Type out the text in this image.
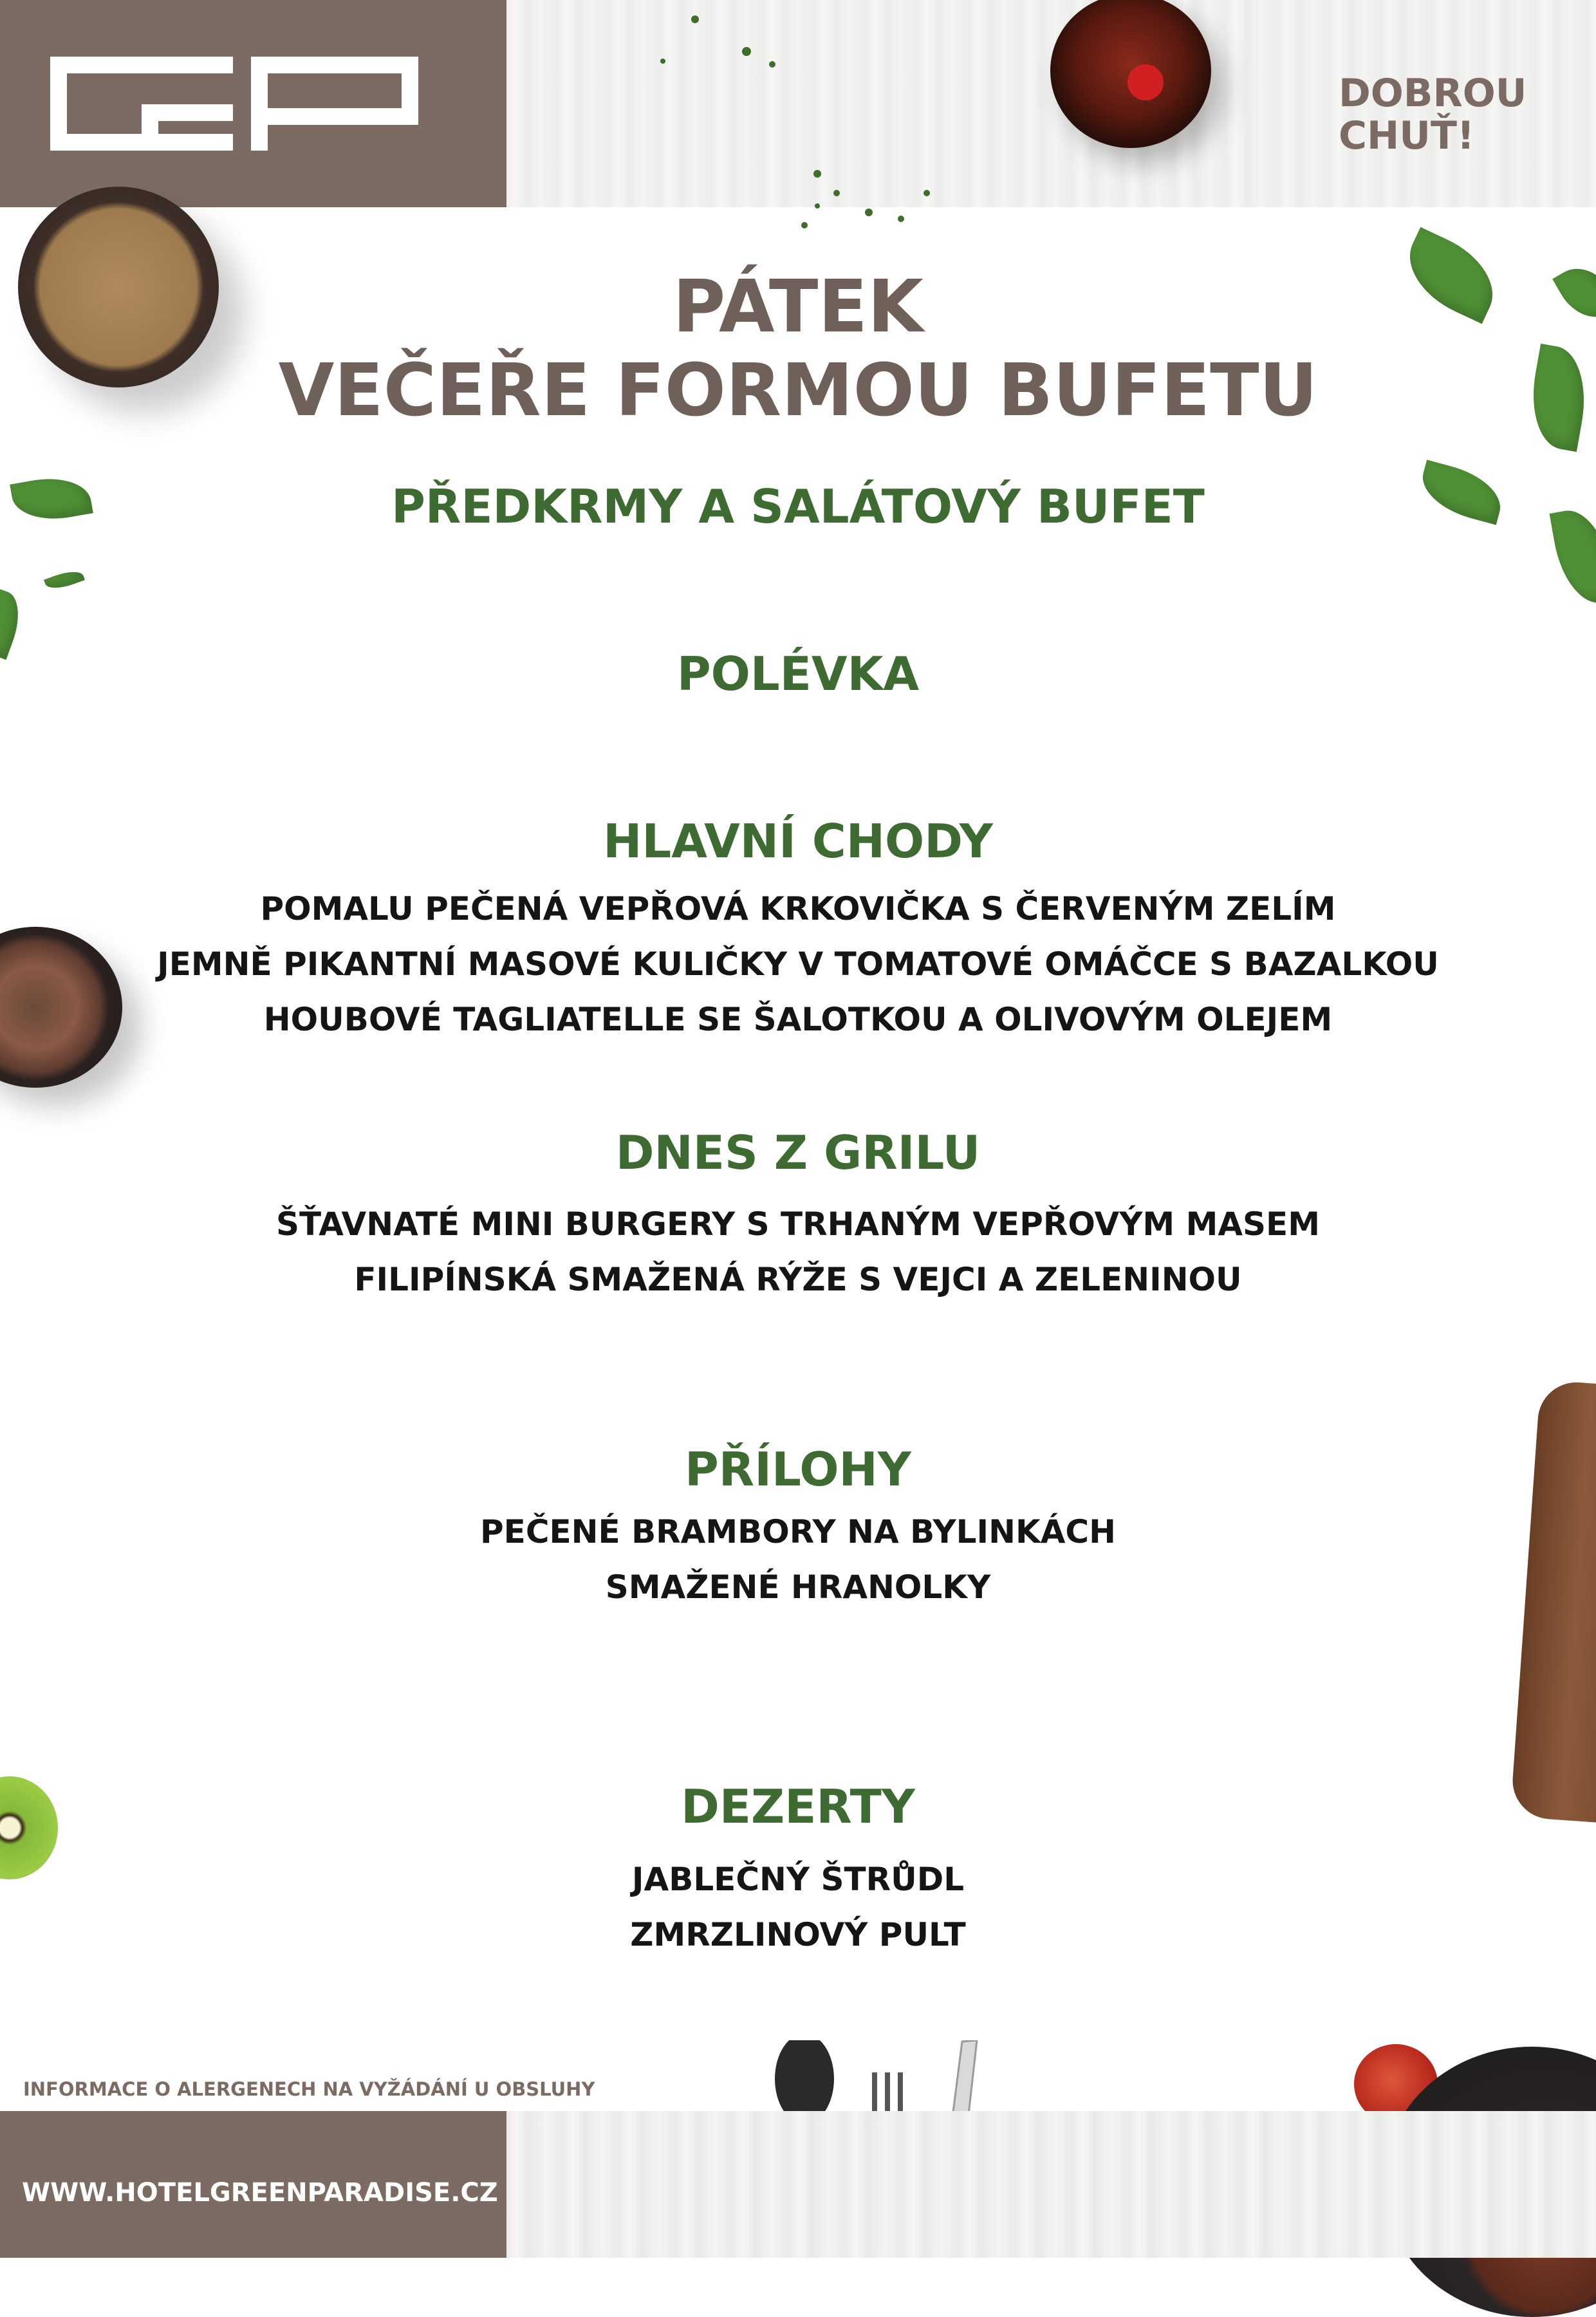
DOBROU
CHUŤ!
PÁTEK
VEČEŘE FORMOU BUFETU
PŘEDKRMY A SALÁTOVÝ BUFET
POLÉVKA
HLAVNÍ CHODY
POMALU PEČENÁ VEPŘOVÁ KRKOVIČKA S ČERVENÝM ZELÍM
JEMNĚ PIKANTNÍ MASOVÉ KULIČKY V TOMATOVÉ OMÁČCE S BAZALKOU
HOUBOVÉ TAGLIATELLE SE ŠALOTKOU A OLIVOVÝM OLEJEM
DNES Z GRILU
ŠŤAVNATÉ MINI BURGERY S TRHANÝM VEPŘOVÝM MASEM
FILIPÍNSKÁ SMAŽENÁ RÝŽE S VEJCI A ZELENINOU
PŘÍLOHY
PEČENÉ BRAMBORY NA BYLINKÁCH
SMAŽENÉ HRANOLKY
DEZERTY
JABLEČNÝ ŠTRŮDL
ZMRZLINOVÝ PULT
INFORMACE O ALERGENECH NA VYŽÁDÁNÍ U OBSLUHY
WWW.HOTELGREENPARADISE.CZ
